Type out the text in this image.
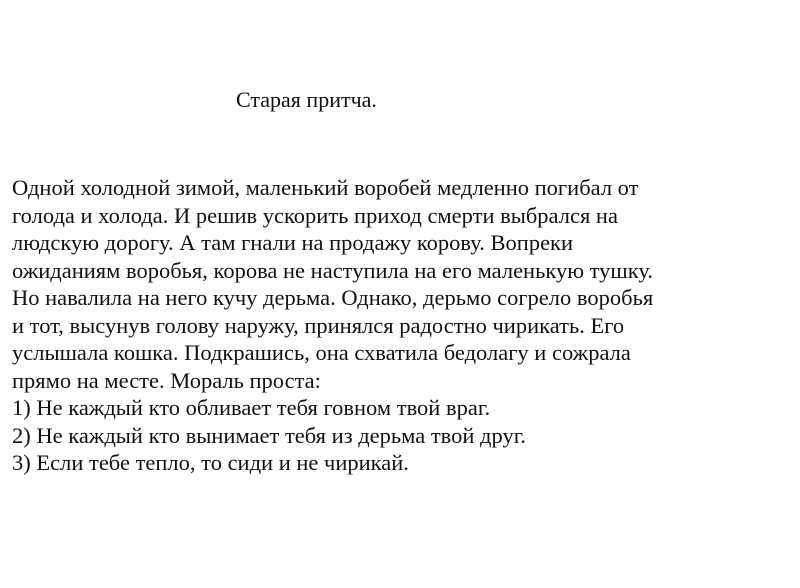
Старая притча.
Одной холодной зимой, маленький воробей медленно погибал от
голода и холода. И решив ускорить приход смерти выбрался на
людскую дорогу. А там гнали на продажу корову. Вопреки
ожиданиям воробья, корова не наступила на его маленькую тушку.
Но навалила на него кучу дерьма. Однако, дерьмо согрело воробья
и тот, высунув голову наружу, принялся радостно чирикать. Его
услышала кошка. Подкрашись, она схватила бедолагу и сожрала
прямо на месте. Мораль проста:
1) Не каждый кто обливает тебя говном твой враг.
2) Не каждый кто вынимает тебя из дерьма твой друг.
3) Если тебе тепло, то сиди и не чирикай.
